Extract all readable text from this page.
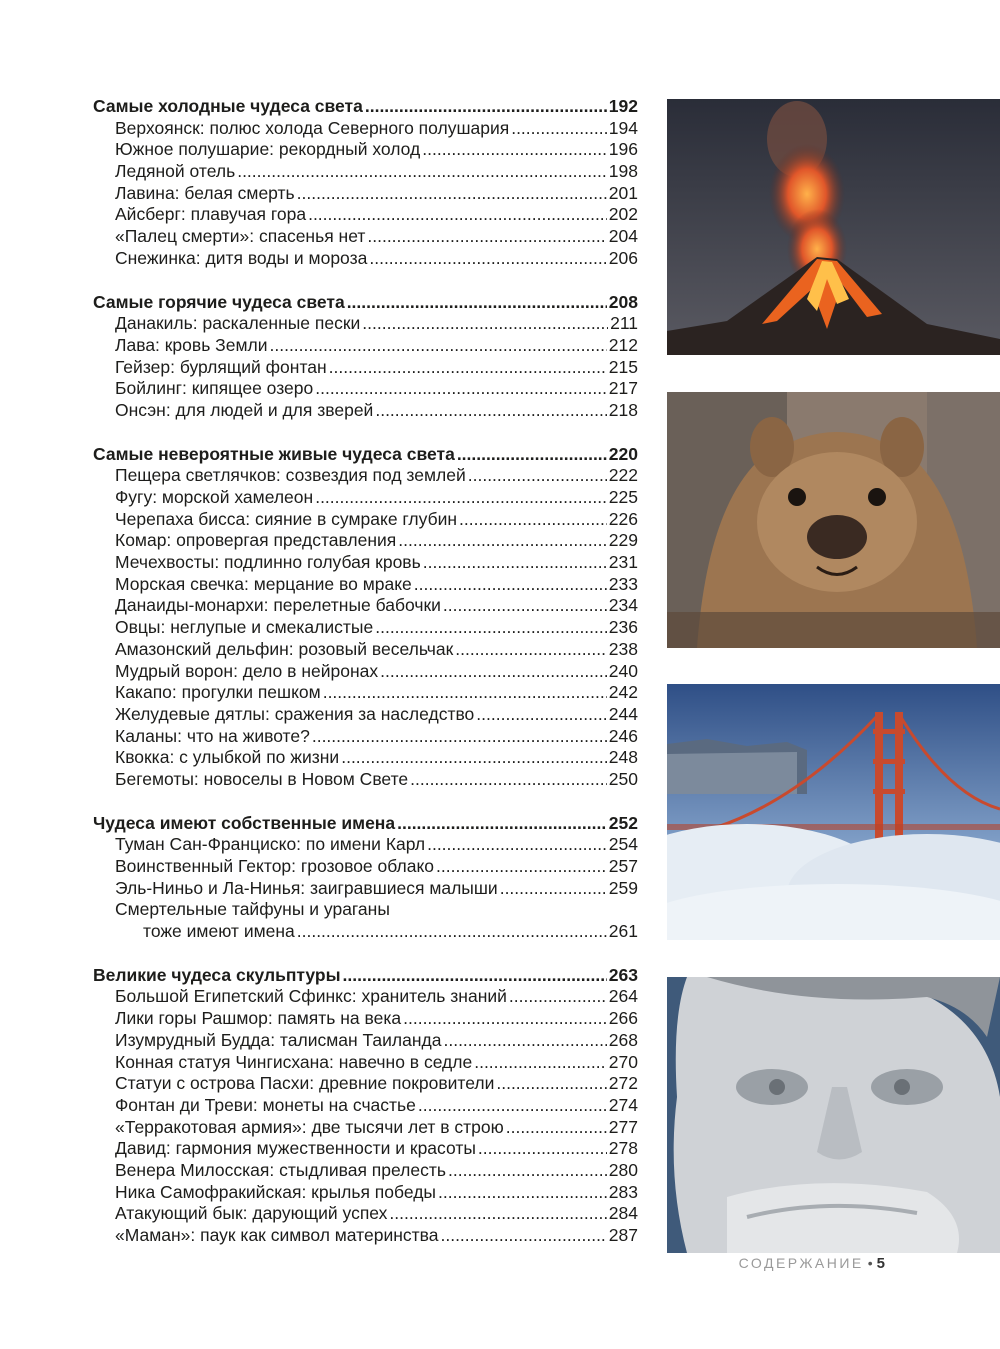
Самые холодные чудеса света .....	192
Верхоянск: полюс холода Северного полушария .....	194
Южное полушарие: рекордный холод .....	196
Ледяной отель .....	198
Лавина: белая смерть .....	201
Айсберг: плавучая гора .....	202
«Палец смерти»: спасенья нет .....	204
Снежинка: дитя воды и мороза .....	206
Самые горячие чудеса света .....	208
Данакиль: раскаленные пески .....	211
Лава: кровь Земли .....	212
Гейзер: бурлящий фонтан .....	215
Бойлинг: кипящее озеро .....	217
Онсэн: для людей и для зверей .....	218
Самые невероятные живые чудеса света .....	220
Пещера светлячков: созвездия под землей .....	222
Фугу: морской хамелеон .....	225
Черепаха бисса: сияние в сумраке глубин .....	226
Комар: опровергая представления .....	229
Мечехвосты: подлинно голубая кровь .....	231
Морская свечка: мерцание во мраке .....	233
Данаиды-монархи: перелетные бабочки .....	234
Овцы: неглупые и смекалистые .....	236
Амазонский дельфин: розовый весельчак .....	238
Мудрый ворон: дело в нейронах .....	240
Какапо: прогулки пешком .....	242
Желудевые дятлы: сражения за наследство .....	244
Каланы: что на животе? .....	246
Квокка: с улыбкой по жизни .....	248
Бегемоты: новоселы в Новом Свете .....	250
Чудеса имеют собственные имена .....	252
Туман Сан-Франциско: по имени Карл .....	254
Воинственный Гектор: грозовое облако .....	257
Эль-Ниньо и Ла-Нинья: заигравшиеся малыши .....	259
Смертельные тайфуны и ураганы
тоже имеют имена .....	261
Великие чудеса скульптуры .....	263
Большой Египетский Сфинкс: хранитель знаний .....	264
Лики горы Рашмор: память на века .....	266
Изумрудный Будда: талисман Таиланда .....	268
Конная статуя Чингисхана: навечно в седле .....	270
Статуи с острова Пасхи: древние покровители .....	272
Фонтан ди Треви: монеты на счастье .....	274
«Терракотовая армия»: две тысячи лет в строю .....	277
Давид: гармония мужественности и красоты .....	278
Венера Милосская: стыдливая прелесть .....	280
Ника Самофракийская: крылья победы .....	283
Атакующий бык: дарующий успех .....	284
«Маман»: паук как символ материнства .....	287
СОДЕРЖАНИЕ • 5
